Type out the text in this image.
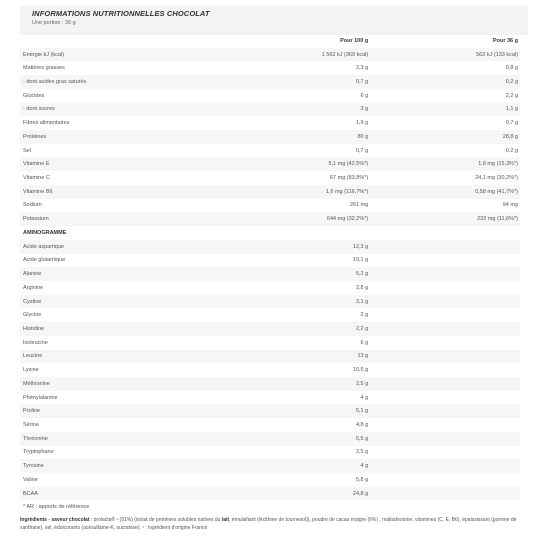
INFORMATIONS NUTRITIONNELLES CHOCOLAT
Une portion : 36 g
	Pour 100 g	Pour 36 g
Energie kJ (kcal)	1 562 kJ (369 kcal)	562 kJ (133 kcal)
Matières grasses	2,3 g	0,8 g
- dont acides gras saturés	0,7 g	0,2 g
Glucides	6 g	2,2 g
- dont sucres	3 g	1,1 g
Fibres alimentaires	1,9 g	0,7 g
Protéines	80 g	28,8 g
Sel	0,7 g	0,2 g
Vitamine E	5,1 mg (42,5%*)	1,8 mg (15,3%*)
Vitamine C	67 mg (83,8%*)	24,1 mg (30,2%*)
Vitamine B6	1,6 mg (116,7%*)	0,58 mg (41,7%*)
Sodium	261 mg	94 mg
Potassium	644 mg (32,2%*)	232 mg (11,6%*)
AMINOGRAMME		
Acide aspartique	12,3 g	
Acide glutamique	19,1 g	
Alanine	5,2 g	
Arginine	2,8 g	
Cystine	3,1 g	
Glycine	2 g	
Histidine	2,2 g	
Isoleucine	6 g	
Leucine	13 g	
Lysine	10,5 g	
Méthionine	2,5 g	
Phénylalanine	4 g	
Proline	5,1 g	
Sérine	4,8 g	
Thréonine	5,5 g	
Tryptophane	2,5 g	
Tyrosine	4 g	
Valine	5,8 g	
BCAA	24,8 g	
* AR : apports de référence		
Ingrédients - saveur chocolat : prolacta® ¹ (91%) (isolat de protéines solubles natives du lait, émulsifiant (lécithine de tournesol)), poudre de cacao maigre (6%) , maltodextrine, vitamines (C, E, B6), épaississant (gomme de xanthane), sel, édulcorants (acésulfame-K, sucralose). ¹ : ingrédient d’origine France
